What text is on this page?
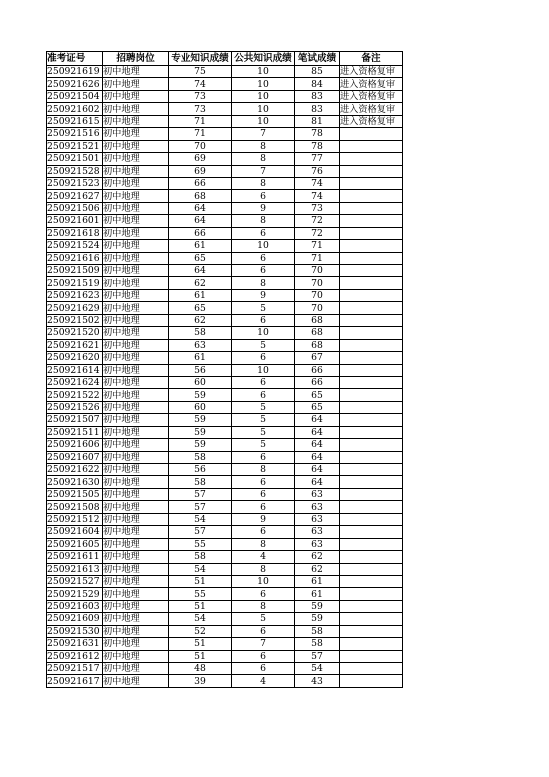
准考证号	招聘岗位	专业知识成绩	公共知识成绩	笔试成绩	备注
250921619	初中地理	75	10	85	进入资格复审
250921626	初中地理	74	10	84	进入资格复审
250921504	初中地理	73	10	83	进入资格复审
250921602	初中地理	73	10	83	进入资格复审
250921615	初中地理	71	10	81	进入资格复审
250921516	初中地理	71	7	78	
250921521	初中地理	70	8	78	
250921501	初中地理	69	8	77	
250921528	初中地理	69	7	76	
250921523	初中地理	66	8	74	
250921627	初中地理	68	6	74	
250921506	初中地理	64	9	73	
250921601	初中地理	64	8	72	
250921618	初中地理	66	6	72	
250921524	初中地理	61	10	71	
250921616	初中地理	65	6	71	
250921509	初中地理	64	6	70	
250921519	初中地理	62	8	70	
250921623	初中地理	61	9	70	
250921629	初中地理	65	5	70	
250921502	初中地理	62	6	68	
250921520	初中地理	58	10	68	
250921621	初中地理	63	5	68	
250921620	初中地理	61	6	67	
250921614	初中地理	56	10	66	
250921624	初中地理	60	6	66	
250921522	初中地理	59	6	65	
250921526	初中地理	60	5	65	
250921507	初中地理	59	5	64	
250921511	初中地理	59	5	64	
250921606	初中地理	59	5	64	
250921607	初中地理	58	6	64	
250921622	初中地理	56	8	64	
250921630	初中地理	58	6	64	
250921505	初中地理	57	6	63	
250921508	初中地理	57	6	63	
250921512	初中地理	54	9	63	
250921604	初中地理	57	6	63	
250921605	初中地理	55	8	63	
250921611	初中地理	58	4	62	
250921613	初中地理	54	8	62	
250921527	初中地理	51	10	61	
250921529	初中地理	55	6	61	
250921603	初中地理	51	8	59	
250921609	初中地理	54	5	59	
250921530	初中地理	52	6	58	
250921631	初中地理	51	7	58	
250921612	初中地理	51	6	57	
250921517	初中地理	48	6	54	
250921617	初中地理	39	4	43	
